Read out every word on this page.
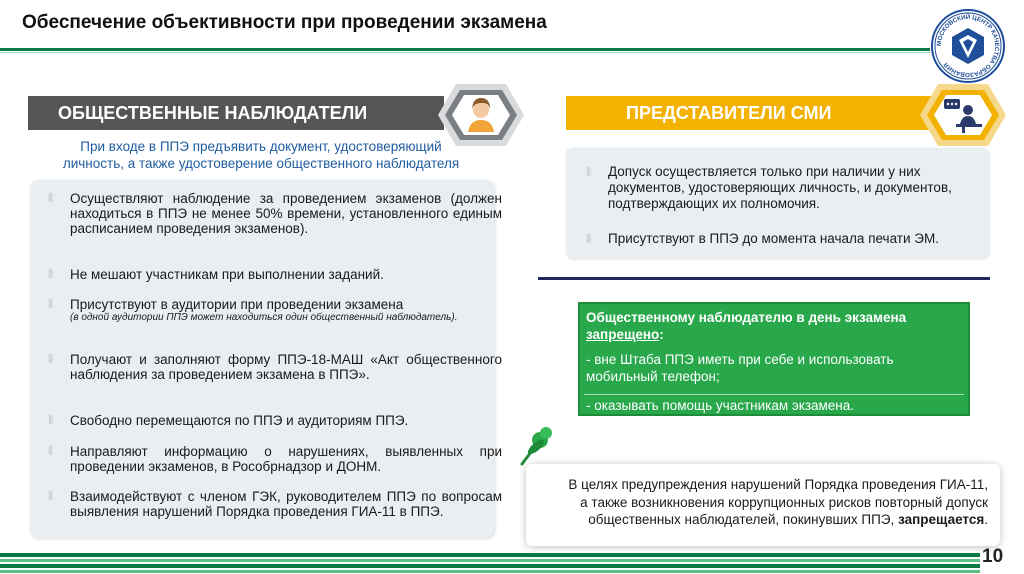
Обеспечение объективности при проведении экзамена
МОСКОВСКИЙ ЦЕНТР КАЧЕСТВА ОБРАЗОВАНИЯ
ОБЩЕСТВЕННЫЕ НАБЛЮДАТЕЛИ
При входе в ППЭ предъявить документ, удостоверяющий
личность, а также удостоверение общественного наблюдателя
⦀ Осуществляют наблюдение за проведением экзаменов (должен находиться в ППЭ не менее 50% времени, установленного единым расписанием проведения экзаменов).
⦀ Не мешают участникам при выполнении заданий.
⦀ Присутствуют в аудитории при проведении экзамена
(в одной аудитории ППЭ может находиться один общественный наблюдатель).
⦀ Получают и заполняют форму ППЭ-18-МАШ «Акт общественного наблюдения за проведением экзамена в ППЭ».
⦀ Свободно перемещаются по ППЭ и аудиториям ППЭ.
⦀ Направляют информацию о нарушениях, выявленных при проведении экзаменов, в Рособрнадзор и ДОНМ.
⦀ Взаимодействуют с членом ГЭК, руководителем ППЭ по вопросам выявления нарушений Порядка проведения ГИА-11 в ППЭ.
ПРЕДСТАВИТЕЛИ СМИ
⦀ Допуск осуществляется только при наличии у них документов, удостоверяющих личность, и документов, подтверждающих их полномочия.
⦀ Присутствуют в ППЭ до момента начала печати ЭМ.
Общественному наблюдателю в день экзамена
запрещено:
- вне Штаба ППЭ иметь при себе и использовать мобильный телефон;
- оказывать помощь участникам экзамена.
В целях предупреждения нарушений Порядка проведения ГИА-11,
а также возникновения коррупционных рисков повторный допуск
общественных наблюдателей, покинувших ППЭ, запрещается.
10
